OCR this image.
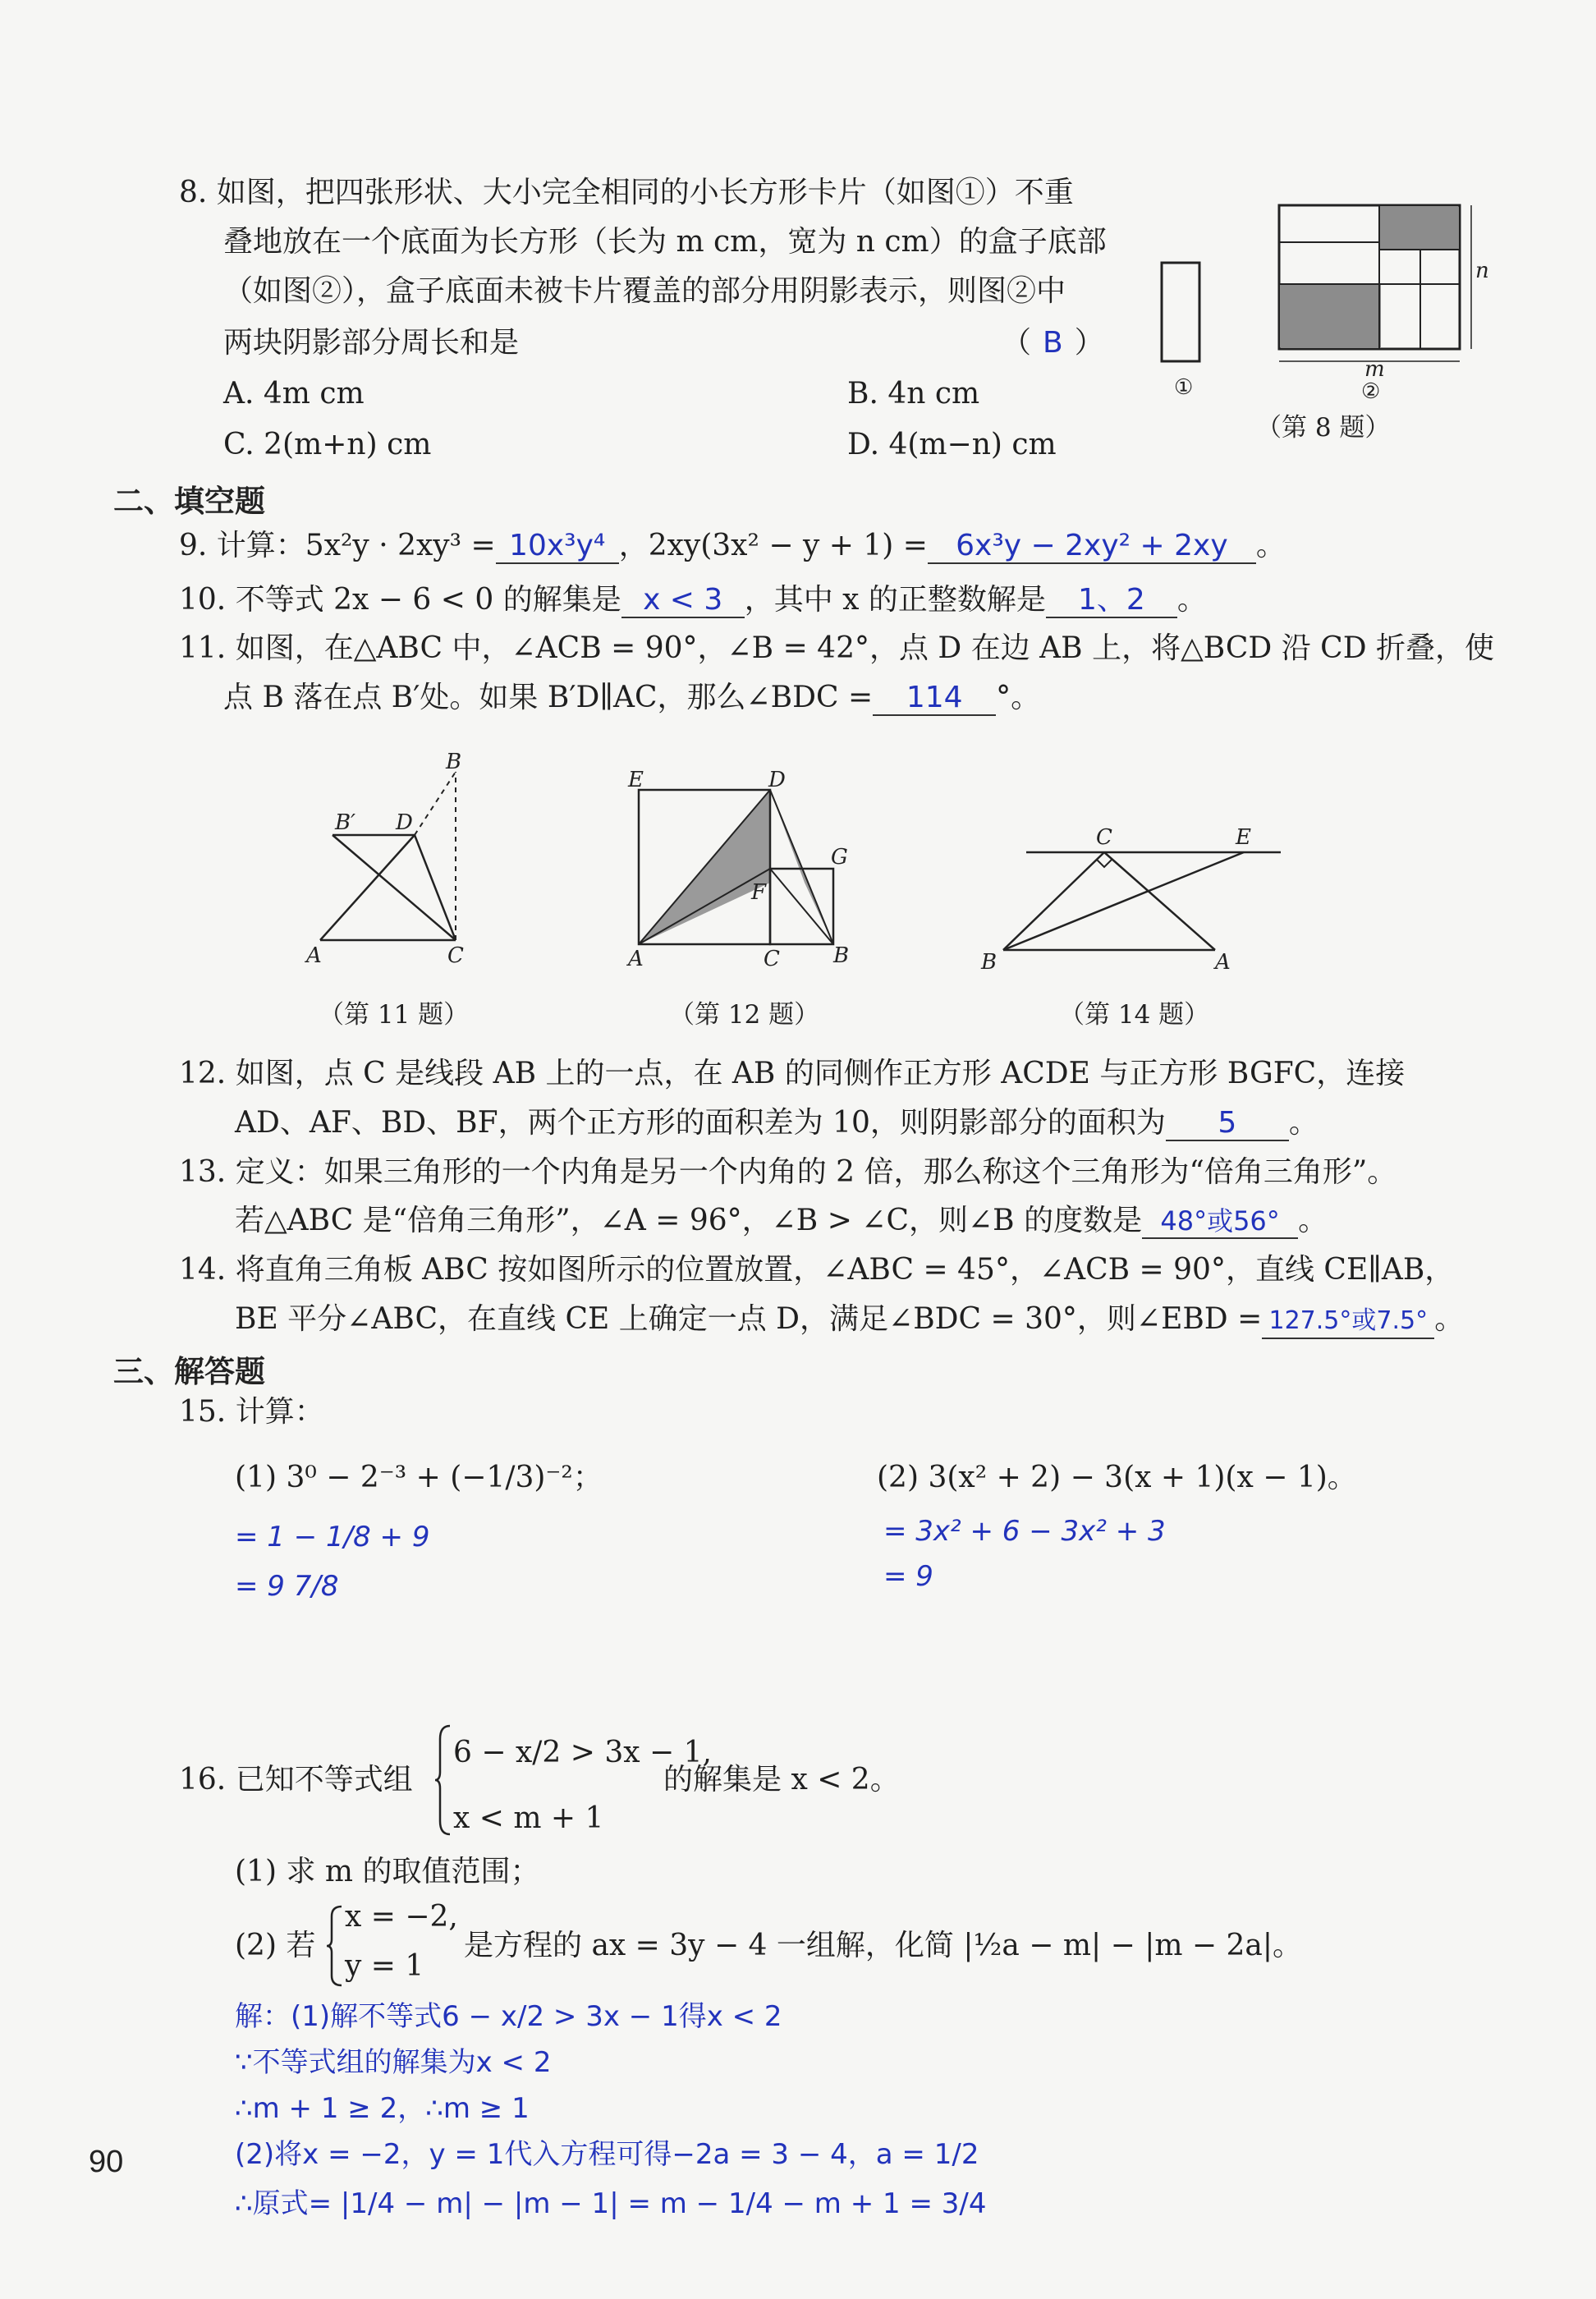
8. 如图，把四张形状、大小完全相同的小长方形卡片（如图①）不重
叠地放在一个底面为长方形（长为 m cm，宽为 n cm）的盒子底部
（如图②），盒子底面未被卡片覆盖的部分用阴影表示，则图②中
两块阴影部分周长和是	（ B ）
A. 4m cm	B. 4n cm
C. 2(m+n) cm	D. 4(m−n) cm
①
n
m
②
（第 8 题）
二、填空题
9. 计算：5x²y · 2xy³ = 10x³y⁴ ，2xy(3x² − y + 1) = 6x³y − 2xy² + 2xy 。
10. 不等式 2x − 6 < 0 的解集是 x < 3 ，其中 x 的正整数解是 1、2 。
11. 如图，在△ABC 中，∠ACB = 90°，∠B = 42°，点 D 在边 AB 上，将△BCD 沿 CD 折叠，使
点 B 落在点 B′处。如果 B′D∥AC，那么∠BDC = 114 °。
B
B′ D
A	C
（第 11 题）
E	D
G
F
A	C	B
（第 12 题）
C	E
B	A
（第 14 题）
12. 如图，点 C 是线段 AB 上的一点，在 AB 的同侧作正方形 ACDE 与正方形 BGFC，连接
AD、AF、BD、BF，两个正方形的面积差为 10，则阴影部分的面积为 5 。
13. 定义：如果三角形的一个内角是另一个内角的 2 倍，那么称这个三角形为“倍角三角形”。
若△ABC 是“倍角三角形”，∠A = 96°，∠B > ∠C，则∠B 的度数是 48°或56° 。
14. 将直角三角板 ABC 按如图所示的位置放置，∠ABC = 45°，∠ACB = 90°，直线 CE∥AB，
BE 平分∠ABC，在直线 CE 上确定一点 D，满足∠BDC = 30°，则∠EBD = 127.5°或7.5° 。
三、解答题
15. 计算：
(1) 3⁰ − 2⁻³ + (−1/3)⁻²；	(2) 3(x² + 2) − 3(x + 1)(x − 1)。
= 1 − 1/8 + 9
= 9 7/8
= 3x² + 6 − 3x² + 3
= 9
16. 已知不等式组
6 − x/2 > 3x − 1,
x < m + 1
的解集是 x < 2。
(1) 求 m 的取值范围；
(2) 若
x = −2,
y = 1
是方程的 ax = 3y − 4 一组解，化简 |½a − m| − |m − 2a|。
解：(1)解不等式6 − x/2 > 3x − 1得x < 2
∵不等式组的解集为x < 2
∴m + 1 ≥ 2，∴m ≥ 1
(2)将x = −2，y = 1代入方程可得−2a = 3 − 4，a = 1/2
∴原式= |1/4 − m| − |m − 1| = m − 1/4 − m + 1 = 3/4
90
